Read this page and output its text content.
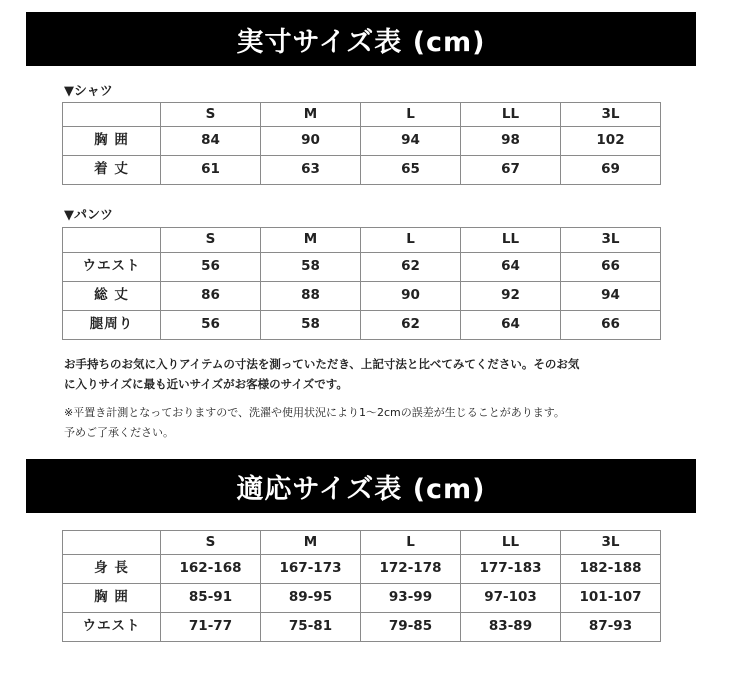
実寸サイズ表 (cm)
▼シャツ
	S	M	L	LL	3L
胸 囲	84	90	94	98	102
着 丈	61	63	65	67	69
▼パンツ
	S	M	L	LL	3L
ウエスト	56	58	62	64	66
総 丈	86	88	90	92	94
腿周り	56	58	62	64	66
お手持ちのお気に入りアイテムの寸法を測っていただき、上記寸法と比べてみてください。そのお気
に入りサイズに最も近いサイズがお客様のサイズです。
※平置き計測となっておりますので、洗濯や使用状況により1〜2cmの誤差が生じることがあります。
予めご了承ください。
適応サイズ表 (cm)
	S	M	L	LL	3L
身 長	162-168	167-173	172-178	177-183	182-188
胸 囲	85-91	89-95	93-99	97-103	101-107
ウエスト	71-77	75-81	79-85	83-89	87-93
